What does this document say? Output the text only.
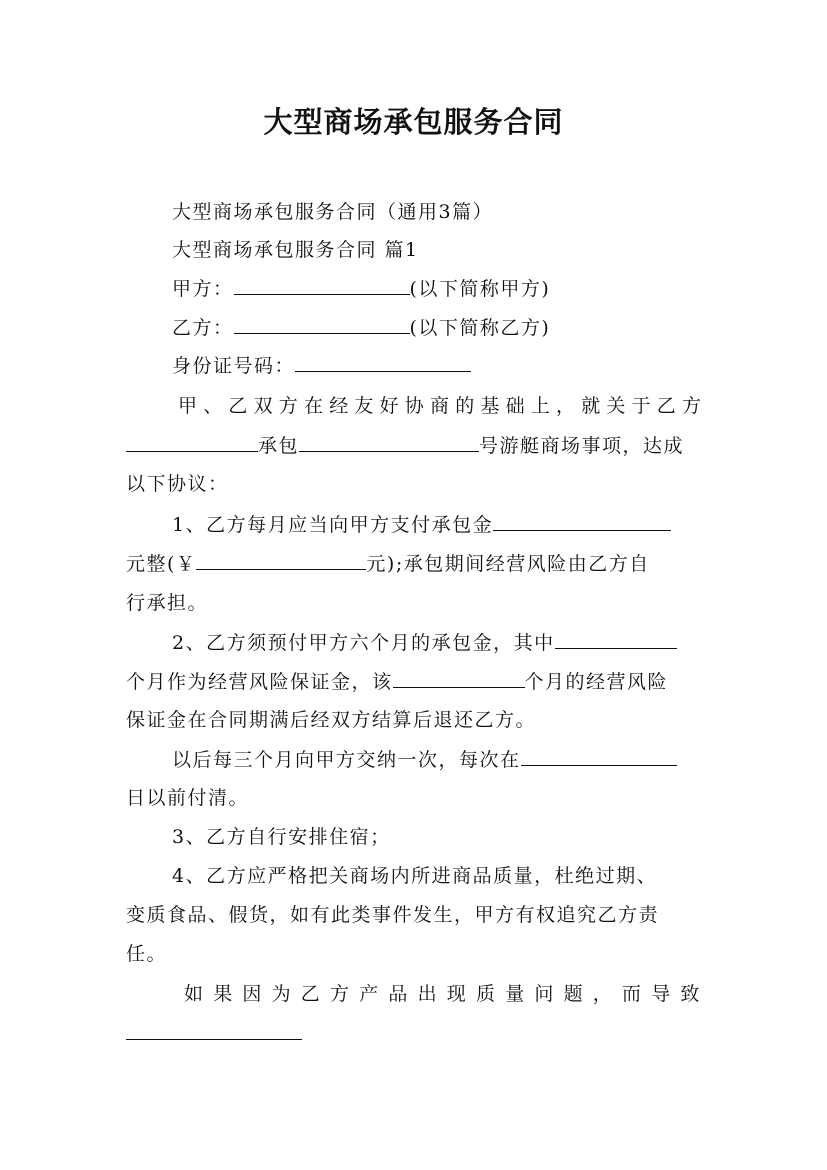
大型商场承包服务合同
大型商场承包服务合同（通用3篇）
大型商场承包服务合同 篇1
甲方：	(以下简称甲方)
乙方：	(以下简称乙方)
身份证号码：
甲、乙双方在经友好协商的基础上，就关于乙方
承包	号游艇商场事项，达成
以下协议：
1、乙方每月应当向甲方支付承包金
元整(￥	元);承包期间经营风险由乙方自
行承担。
2、乙方须预付甲方六个月的承包金，其中
个月作为经营风险保证金，该	个月的经营风险
保证金在合同期满后经双方结算后退还乙方。
以后每三个月向甲方交纳一次，每次在
日以前付清。
3、乙方自行安排住宿；
4、乙方应严格把关商场内所进商品质量，杜绝过期、
变质食品、假货，如有此类事件发生，甲方有权追究乙方责
任。
如果因为乙方产品出现质量问题，而导致
